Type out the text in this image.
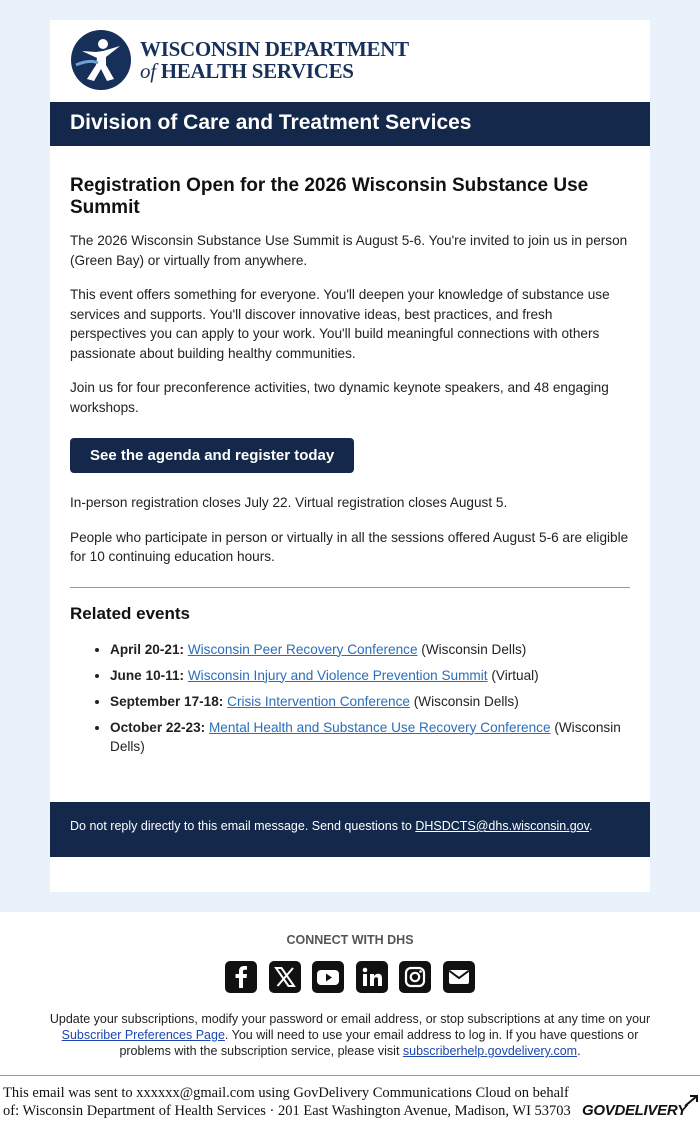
WISCONSIN DEPARTMENT
of HEALTH SERVICES
Division of Care and Treatment Services
Registration Open for the 2026 Wisconsin Substance Use Summit

The 2026 Wisconsin Substance Use Summit is August 5-6. You're invited to join us in person (Green Bay) or virtually from anywhere.

This event offers something for everyone. You'll deepen your knowledge of substance use services and supports. You'll discover innovative ideas, best practices, and fresh perspectives you can apply to your work. You'll build meaningful connections with others passionate about building healthy communities.

Join us for four preconference activities, two dynamic keynote speakers, and 48 engaging workshops.

See the agenda and register today

In-person registration closes July 22. Virtual registration closes August 5.

People who participate in person or virtually in all the sessions offered August 5-6 are eligible for 10 continuing education hours.

Related events
• April 20-21: Wisconsin Peer Recovery Conference (Wisconsin Dells)
• June 10-11: Wisconsin Injury and Violence Prevention Summit (Virtual)
• September 17-18: Crisis Intervention Conference (Wisconsin Dells)
• October 22-23: Mental Health and Substance Use Recovery Conference (Wisconsin Dells)
Do not reply directly to this email message. Send questions to DHSDCTS@dhs.wisconsin.gov.
CONNECT WITH DHS
Update your subscriptions, modify your password or email address, or stop subscriptions at any time on your Subscriber Preferences Page. You will need to use your email address to log in. If you have questions or problems with the subscription service, please visit subscriberhelp.govdelivery.com.
This email was sent to xxxxxx@gmail.com using GovDelivery Communications Cloud on behalf of: Wisconsin Department of Health Services · 201 East Washington Avenue, Madison, WI 53703 GOVDELIVERY
